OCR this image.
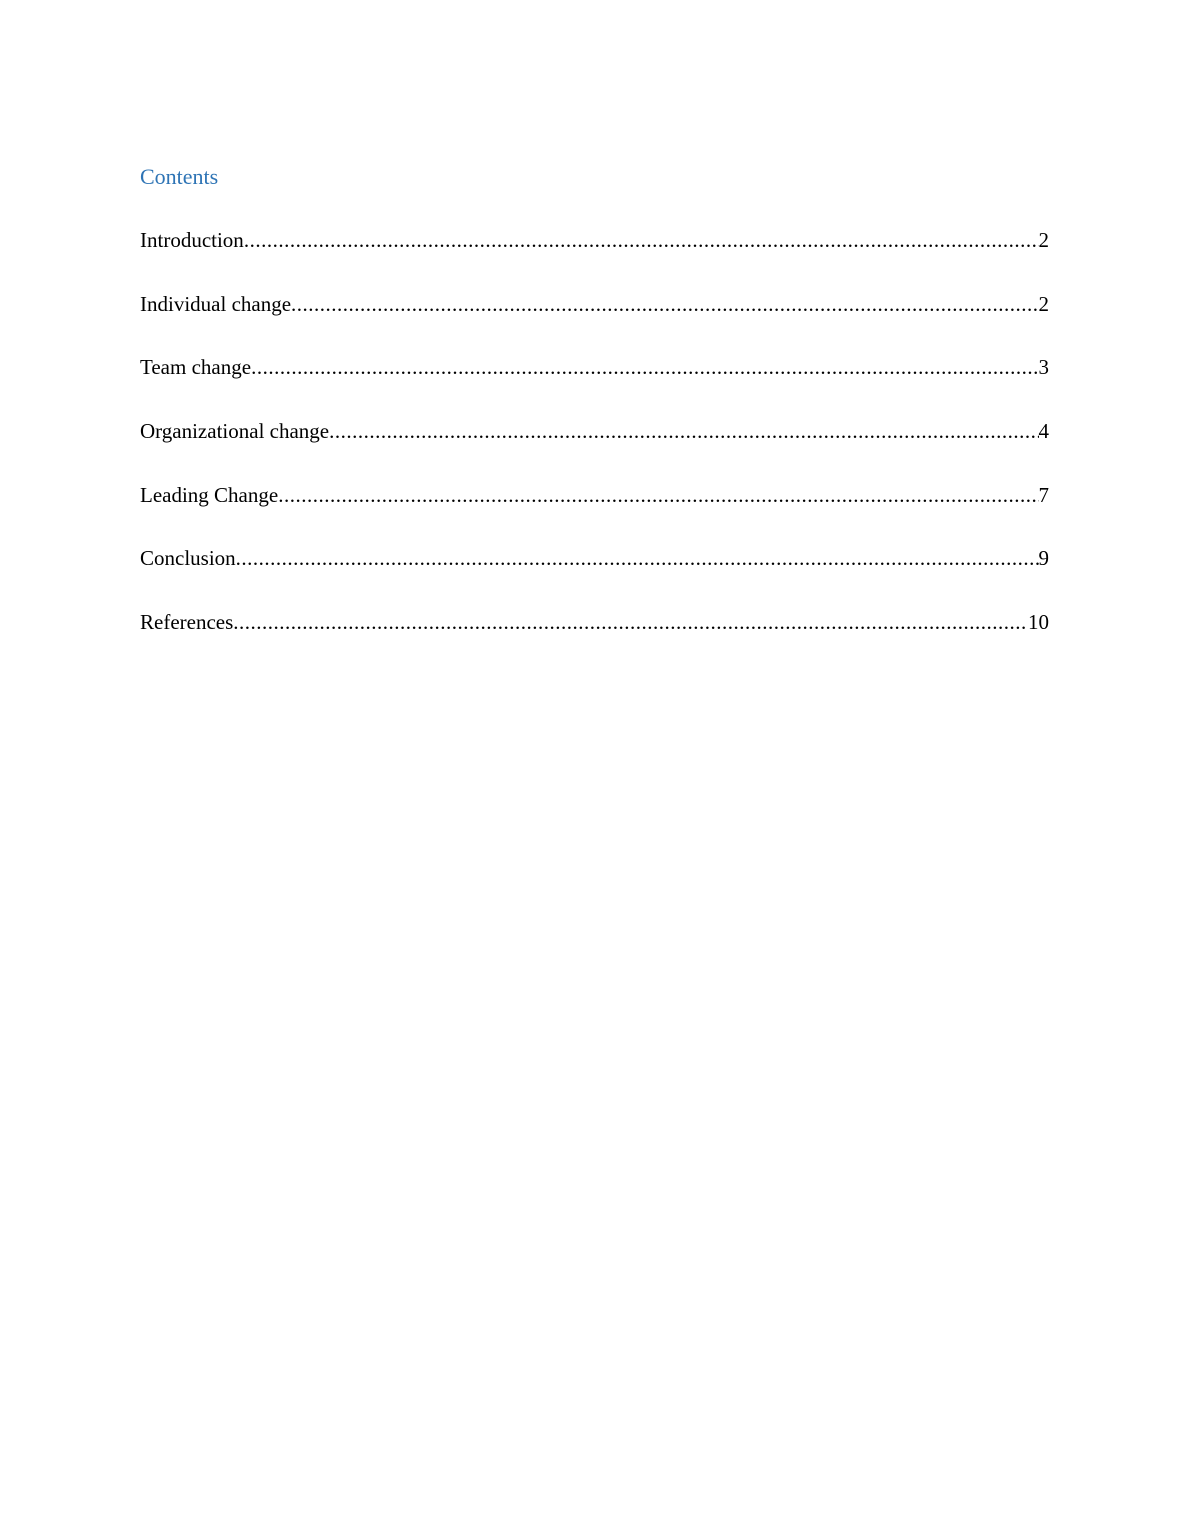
Contents
Introduction .....	2
Individual change .....	2
Team change .....	3
Organizational change .....	4
Leading Change .....	7
Conclusion .....	9
References .....	10
